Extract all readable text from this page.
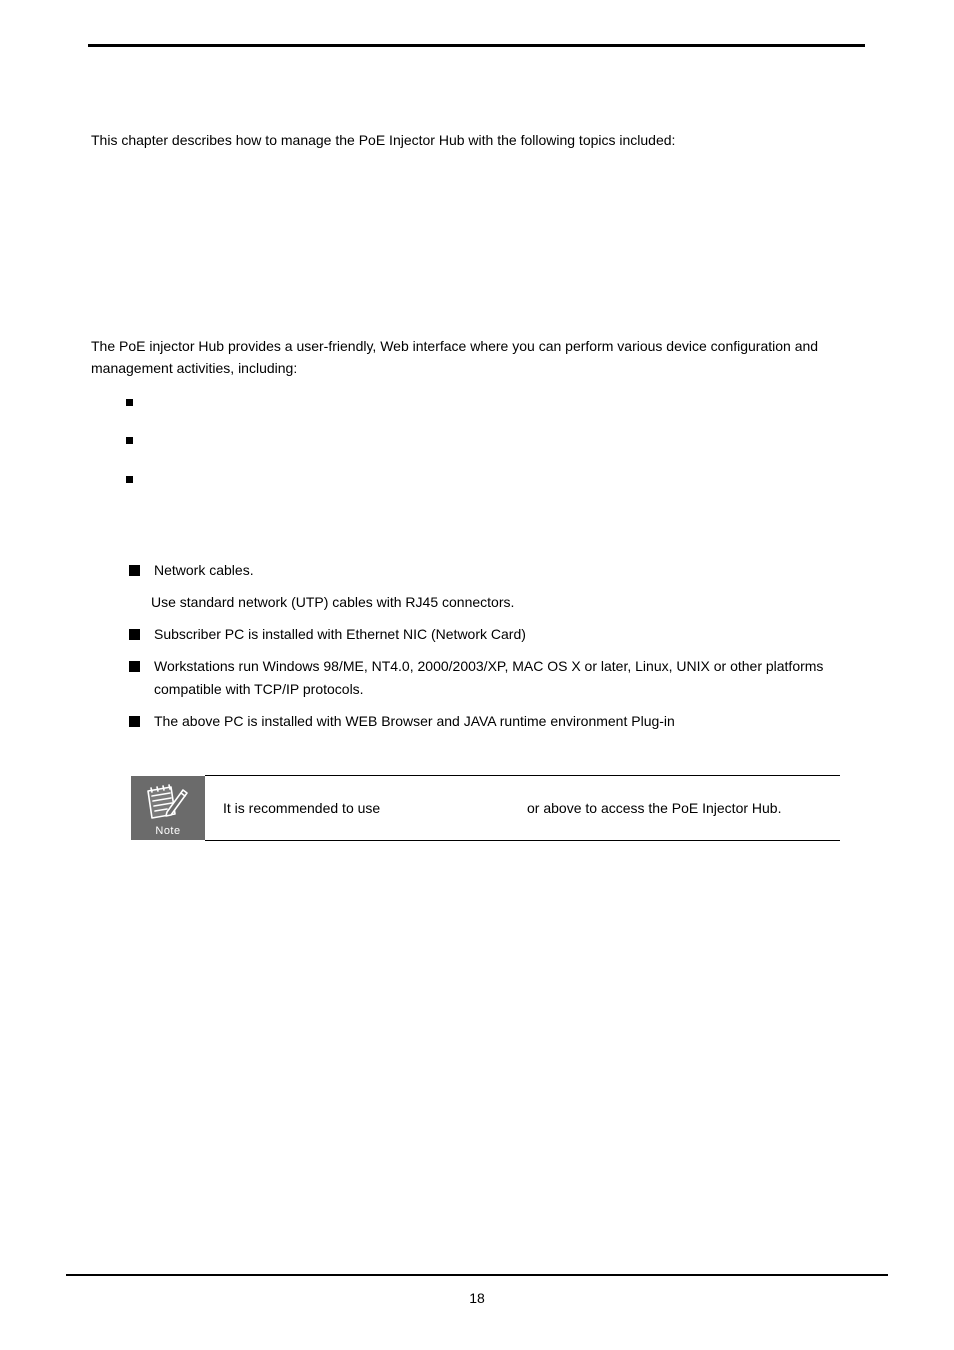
This chapter describes how to manage the PoE Injector Hub with the following topics included:
The PoE injector Hub provides a user-friendly, Web interface where you can perform various device configuration and
management activities, including:
Network cables.
Use standard network (UTP) cables with RJ45 connectors.
Subscriber PC is installed with Ethernet NIC (Network Card)
Workstations run Windows 98/ME, NT4.0, 2000/2003/XP, MAC OS X or later, Linux, UNIX or other platforms
compatible with TCP/IP protocols.
The above PC is installed with WEB Browser and JAVA runtime environment Plug-in
Note
It is recommended to use	or above to access the PoE Injector Hub.
18
